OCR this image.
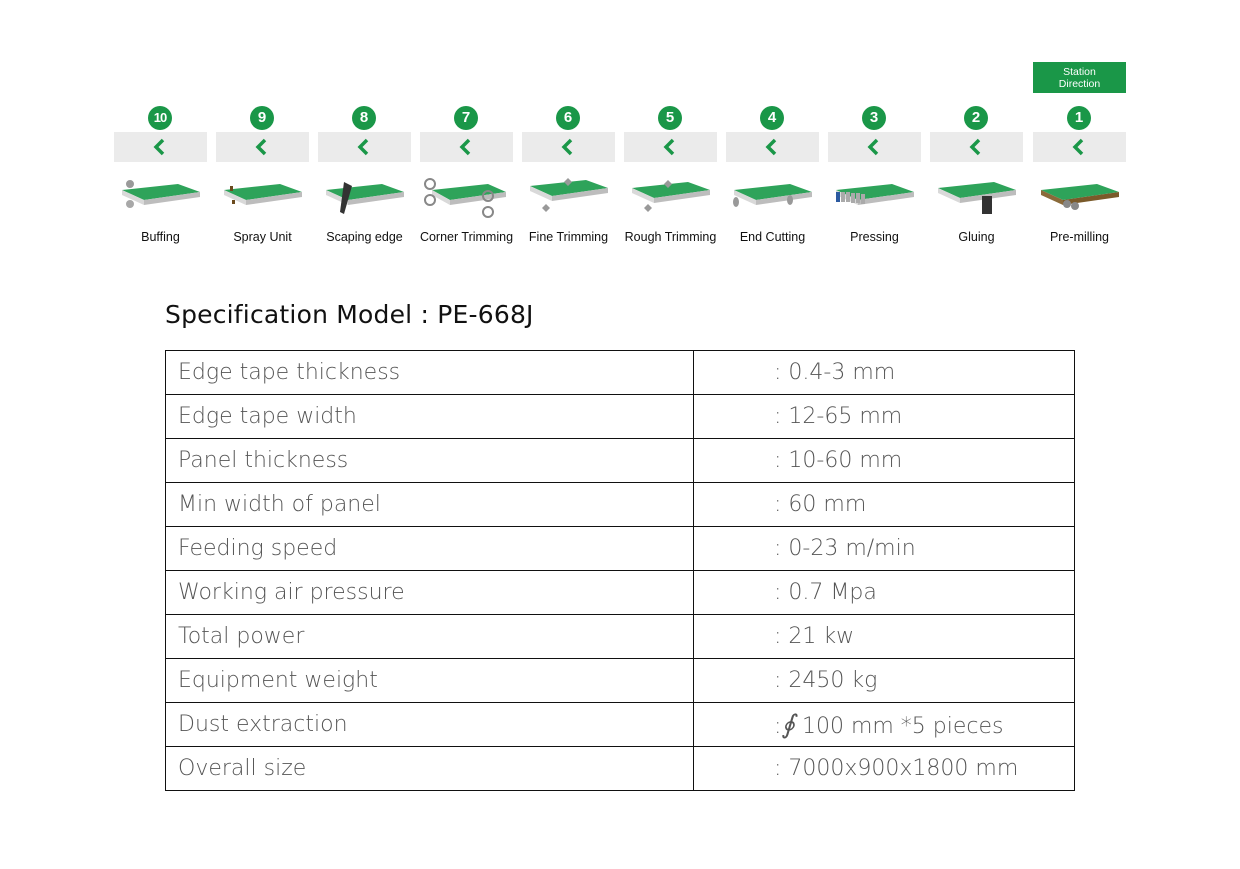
Station Direction
10
Buffing
9
Spray Unit
8
Scaping edge
7
Corner Trimming
6
Fine Trimming
5
Rough Trimming
4
End Cutting
3
Pressing
2
Gluing
1
Pre-milling
Specification Model : PE-668J
Edge tape thickness	: 0.4-3 mm
Edge tape width	: 12-65 mm
Panel thickness	: 10-60 mm
Min width of panel	: 60 mm
Feeding speed	: 0-23 m/min
Working air pressure	: 0.7 Mpa
Total power	: 21 kw
Equipment weight	: 2450 kg
Dust extraction	:∮ 100 mm *5 pieces
Overall size	: 7000x900x1800 mm
